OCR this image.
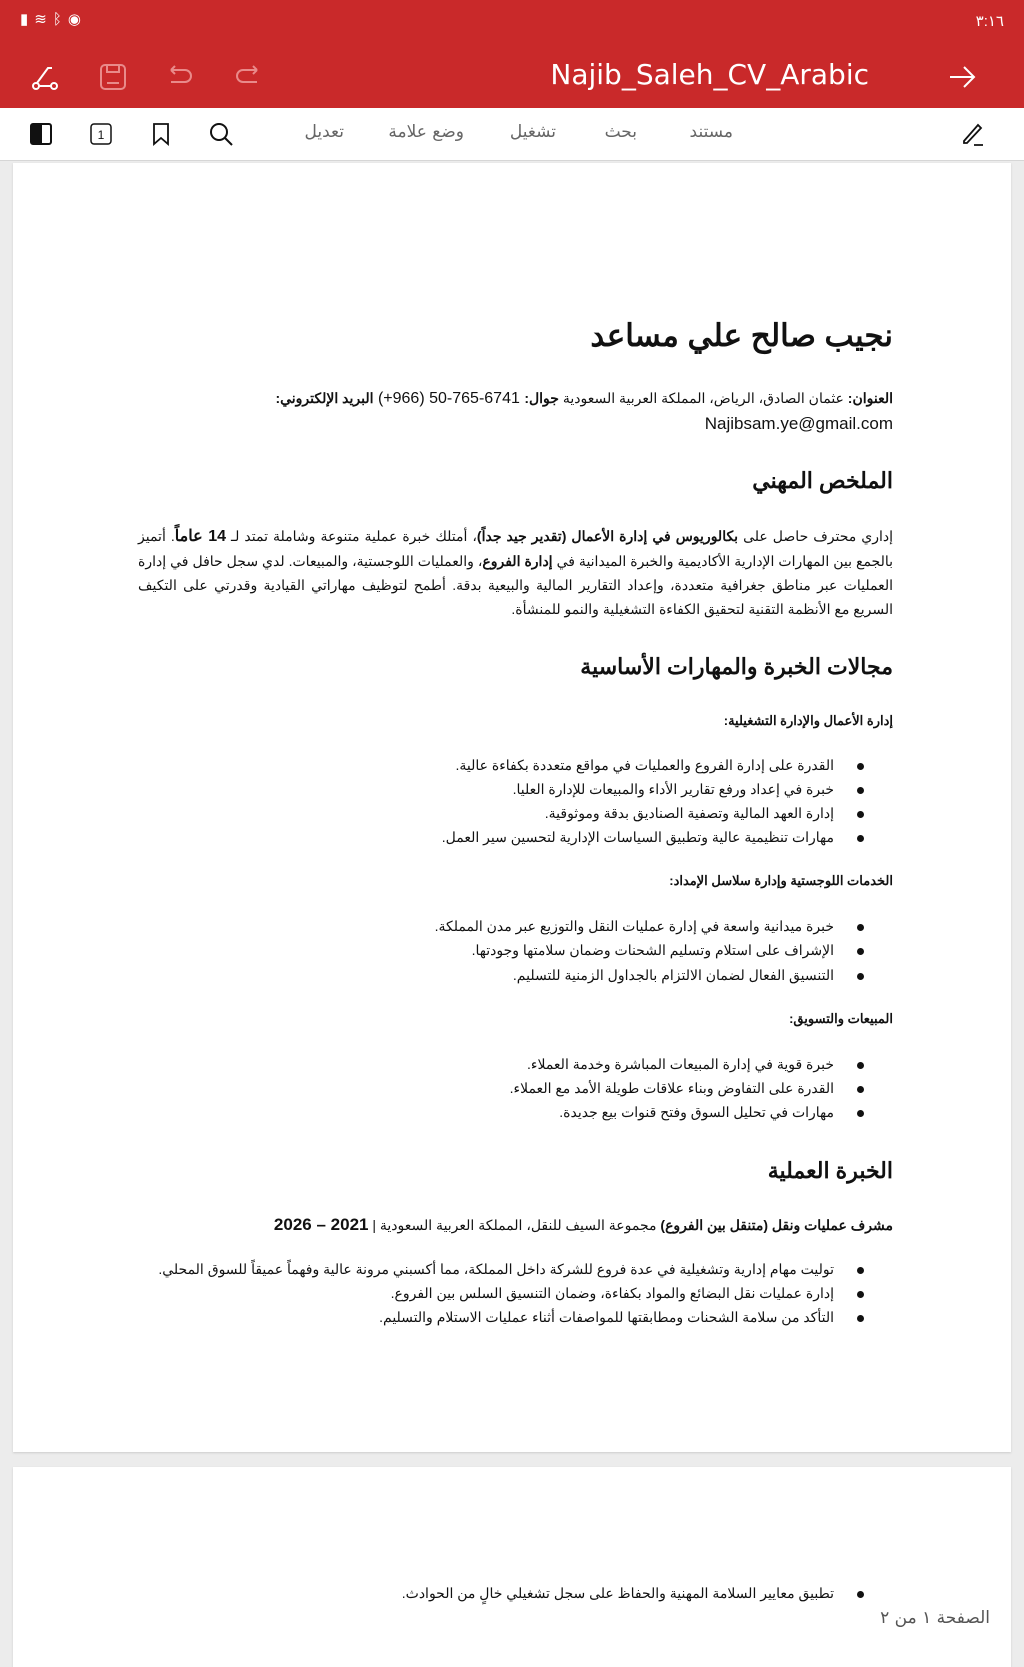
▮ ≋ ᛒ ◉	٣:١٦
Najib_Saleh_CV_Arabic
1	مستند
بحث
تشغيل
وضع علامة
تعديل
نجيب صالح علي مساعد
العنوان: عثمان الصادق، الرياض، المملكة العربية السعودية جوال: 6741-765-50 (966+) البريد الإلكتروني:
Najibsam.ye@gmail.com
الملخص المهني
إداري محترف حاصل على بكالوريوس في إدارة الأعمال (تقدير جيد جداً)، أمتلك خبرة عملية متنوعة وشاملة تمتد لـ 14 عاماً. أتميز بالجمع بين المهارات الإدارية الأكاديمية والخبرة الميدانية في إدارة الفروع، والعمليات اللوجستية، والمبيعات. لدي سجل حافل في إدارة العمليات عبر مناطق جغرافية متعددة، وإعداد التقارير المالية والبيعية بدقة. أطمح لتوظيف مهاراتي القيادية وقدرتي على التكيف السريع مع الأنظمة التقنية لتحقيق الكفاءة التشغيلية والنمو للمنشأة.
مجالات الخبرة والمهارات الأساسية
إدارة الأعمال والإدارة التشغيلية:
القدرة على إدارة الفروع والعمليات في مواقع متعددة بكفاءة عالية.
خبرة في إعداد ورفع تقارير الأداء والمبيعات للإدارة العليا.
إدارة العهد المالية وتصفية الصناديق بدقة وموثوقية.
مهارات تنظيمية عالية وتطبيق السياسات الإدارية لتحسين سير العمل.
الخدمات اللوجستية وإدارة سلاسل الإمداد:
خبرة ميدانية واسعة في إدارة عمليات النقل والتوزيع عبر مدن المملكة.
الإشراف على استلام وتسليم الشحنات وضمان سلامتها وجودتها.
التنسيق الفعال لضمان الالتزام بالجداول الزمنية للتسليم.
المبيعات والتسويق:
خبرة قوية في إدارة المبيعات المباشرة وخدمة العملاء.
القدرة على التفاوض وبناء علاقات طويلة الأمد مع العملاء.
مهارات في تحليل السوق وفتح قنوات بيع جديدة.
الخبرة العملية
مشرف عمليات ونقل (متنقل بين الفروع) مجموعة السيف للنقل، المملكة العربية السعودية | 2021 – 2026
توليت مهام إدارية وتشغيلية في عدة فروع للشركة داخل المملكة، مما أكسبني مرونة عالية وفهماً عميقاً للسوق المحلي.
إدارة عمليات نقل البضائع والمواد بكفاءة، وضمان التنسيق السلس بين الفروع.
التأكد من سلامة الشحنات ومطابقتها للمواصفات أثناء عمليات الاستلام والتسليم.
تطبيق معايير السلامة المهنية والحفاظ على سجل تشغيلي خالٍ من الحوادث.
الصفحة ١ من ٢
